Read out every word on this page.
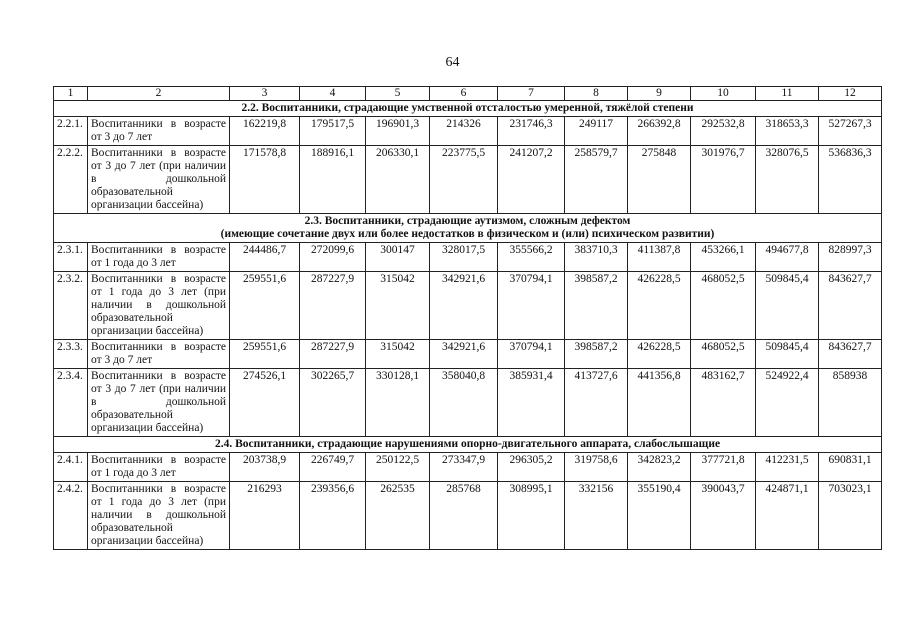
64
1	2	3	4	5	6	7	8	9	10	11	12

2.2. Воспитанники, страдающие умственной отсталостью умеренной, тяжёлой степени											

2.2.1.	Воспитанники в возрасте от 3 до 7 лет	162219,8	179517,5	196901,3	214326	231746,3	249117	266392,8	292532,8	318653,3	527267,3
2.2.2.	Воспитанники в возрасте от 3 до 7 лет (при наличии в дошкольной образовательной организации бассейна)	171578,8	188916,1	206330,1	223775,5	241207,2	258579,7	275848	301976,7	328076,5	536836,3

2.3. Воспитанники, страдающие аутизмом, сложным дефектом
(имеющие сочетание двух или более недостатков в физическом и (или) психическом развитии)											

2.3.1.	Воспитанники в возрасте от 1 года до 3 лет	244486,7	272099,6	300147	328017,5	355566,2	383710,3	411387,8	453266,1	494677,8	828997,3
2.3.2.	Воспитанники в возрасте от 1 года до 3 лет (при наличии в дошкольной образовательной организации бассейна)	259551,6	287227,9	315042	342921,6	370794,1	398587,2	426228,5	468052,5	509845,4	843627,7
2.3.3.	Воспитанники в возрасте от 3 до 7 лет	259551,6	287227,9	315042	342921,6	370794,1	398587,2	426228,5	468052,5	509845,4	843627,7
2.3.4.	Воспитанники в возрасте от 3 до 7 лет (при наличии в дошкольной образовательной организации бассейна)	274526,1	302265,7	330128,1	358040,8	385931,4	413727,6	441356,8	483162,7	524922,4	858938

2.4. Воспитанники, страдающие нарушениями опорно-двигательного аппарата, слабослышащие											

2.4.1.	Воспитанники в возрасте от 1 года до 3 лет	203738,9	226749,7	250122,5	273347,9	296305,2	319758,6	342823,2	377721,8	412231,5	690831,1
2.4.2.	Воспитанники в возрасте от 1 года до 3 лет (при наличии в дошкольной образовательной организации бассейна)	216293	239356,6	262535	285768	308995,1	332156	355190,4	390043,7	424871,1	703023,1
